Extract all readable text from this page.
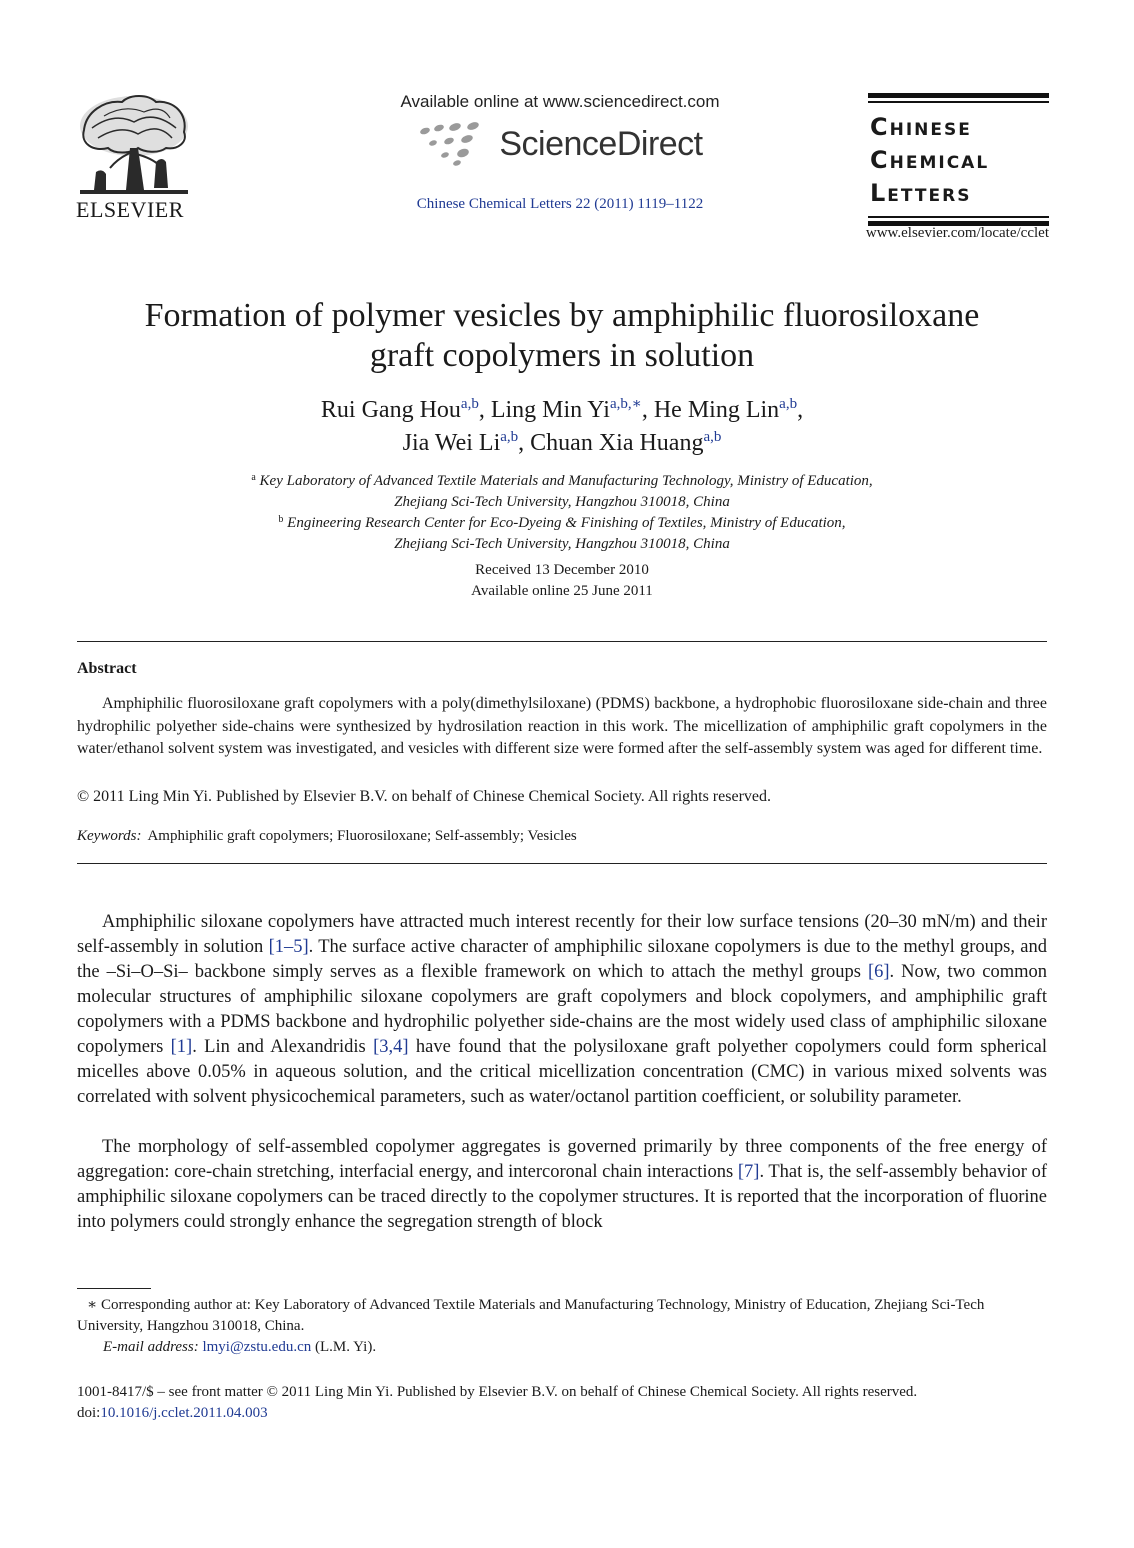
ELSEVIER
Available online at www.sciencedirect.com
ScienceDirect
Chinese Chemical Letters 22 (2011) 1119–1122
Chinese
Chemical
Letters
www.elsevier.com/locate/cclet
Formation of polymer vesicles by amphiphilic fluorosiloxane
graft copolymers in solution
Rui Gang Hou$^{a,b}$, Ling Min $Yi^{a,b,∗}$, He Ming Lin$^{a,b}$,
Jia Wei Li$^{a,b}$, Chuan Xia Huang$^{a,b}$
$^a$ Key Laboratory of Advanced Textile Materials and Manufacturing Technology, Ministry of Education,
Zhejiang Sci-Tech University, Hangzhou 310018, China
$^b$ Engineering Research Center for Eco-Dyeing & Finishing of Textiles, Ministry of Education,
Zhejiang Sci-Tech University, Hangzhou 310018, China
Received 13 December 2010
Available online 25 June 2011
Abstract

Amphiphilic fluorosiloxane graft copolymers with a poly(dimethylsiloxane) (PDMS) backbone, a hydrophobic fluorosiloxane side-chain and three hydrophilic polyether side-chains were synthesized by hydrosilation reaction in this work. The micellization of amphiphilic graft copolymers in the water/ethanol solvent system was investigated, and vesicles with different size were formed after the self-assembly system was aged for different time.

© 2011 Ling Min Yi. Published by Elsevier B.V. on behalf of Chinese Chemical Society. All rights reserved.
Keywords: Amphiphilic graft copolymers; Fluorosiloxane; Self-assembly; Vesicles

Amphiphilic siloxane copolymers have attracted much interest recently for their low surface tensions (20–30 mN/m) and their self-assembly in solution [1–5]. The surface active character of amphiphilic siloxane copolymers is due to the methyl groups, and the –Si–O–Si– backbone simply serves as a flexible framework on which to attach the methyl groups [6]. Now, two common molecular structures of amphiphilic siloxane copolymers are graft copolymers and block copolymers, and amphiphilic graft copolymers with a PDMS backbone and hydrophilic polyether side-chains are the most widely used class of amphiphilic siloxane copolymers [1]. Lin and Alexandridis [3,4] have found that the polysiloxane graft polyether copolymers could form spherical micelles above 0.05% in aqueous solution, and the critical micellization concentration (CMC) in various mixed solvents was correlated with solvent physicochemical parameters, such as water/octanol partition coefficient, or solubility parameter.

The morphology of self-assembled copolymer aggregates is governed primarily by three components of the free energy of aggregation: core-chain stretching, interfacial energy, and intercoronal chain interactions [7]. That is, the self-assembly behavior of amphiphilic siloxane copolymers can be traced directly to the copolymer structures. It is reported that the incorporation of fluorine into polymers could strongly enhance the segregation strength of block

∗ Corresponding author at: Key Laboratory of Advanced Textile Materials and Manufacturing Technology, Ministry of Education, Zhejiang Sci-Tech University, Hangzhou 310018, China.
E-mail address: lmyi@zstu.edu.cn (L.M. Yi).
1001-8417/$ – see front matter © 2011 Ling Min Yi. Published by Elsevier B.V. on behalf of Chinese Chemical Society. All rights reserved.
doi:10.1016/j.cclet.2011.04.003
